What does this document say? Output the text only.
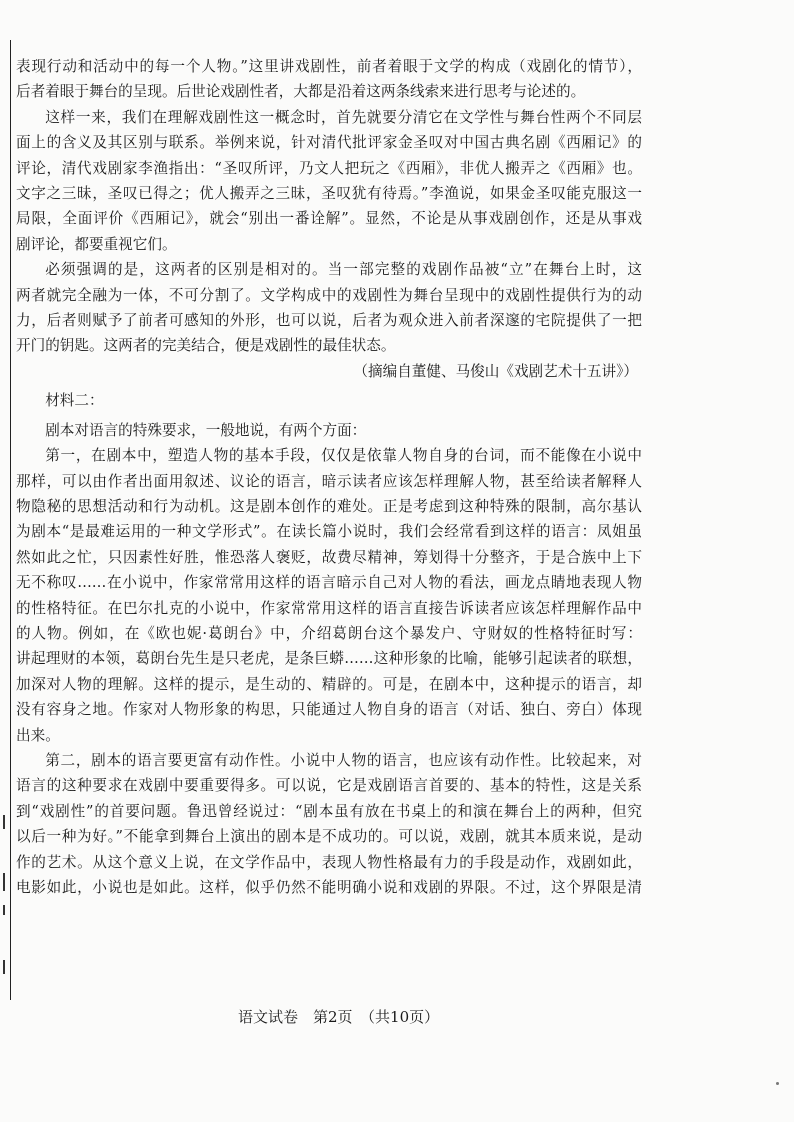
表现行动和活动中的每一个人物。”这里讲戏剧性，前者着眼于文学的构成（戏剧化的情节），

后者着眼于舞台的呈现。后世论戏剧性者，大都是沿着这两条线索来进行思考与论述的。

这样一来，我们在理解戏剧性这一概念时，首先就要分清它在文学性与舞台性两个不同层

面上的含义及其区别与联系。举例来说，针对清代批评家金圣叹对中国古典名剧《西厢记》的

评论，清代戏剧家李渔指出：“圣叹所评，乃文人把玩之《西厢》，非优人搬弄之《西厢》也。

文字之三昧，圣叹已得之；优人搬弄之三昧，圣叹犹有待焉。”李渔说，如果金圣叹能克服这一

局限，全面评价《西厢记》，就会“别出一番诠解”。显然，不论是从事戏剧创作，还是从事戏

剧评论，都要重视它们。

必须强调的是，这两者的区别是相对的。当一部完整的戏剧作品被“立”在舞台上时，这

两者就完全融为一体，不可分割了。文学构成中的戏剧性为舞台呈现中的戏剧性提供行为的动

力，后者则赋予了前者可感知的外形，也可以说，后者为观众进入前者深邃的宅院提供了一把

开门的钥匙。这两者的完美结合，便是戏剧性的最佳状态。

（摘编自董健、马俊山《戏剧艺术十五讲》）

材料二：

剧本对语言的特殊要求，一般地说，有两个方面：

第一，在剧本中，塑造人物的基本手段，仅仅是依靠人物自身的台词，而不能像在小说中

那样，可以由作者出面用叙述、议论的语言，暗示读者应该怎样理解人物，甚至给读者解释人

物隐秘的思想活动和行为动机。这是剧本创作的难处。正是考虑到这种特殊的限制，高尔基认

为剧本“是最难运用的一种文学形式”。在读长篇小说时，我们会经常看到这样的语言：凤姐虽

然如此之忙，只因素性好胜，惟恐落人褒贬，故费尽精神，筹划得十分整齐，于是合族中上下

无不称叹……在小说中，作家常常用这样的语言暗示自己对人物的看法，画龙点睛地表现人物

的性格特征。在巴尔扎克的小说中，作家常常用这样的语言直接告诉读者应该怎样理解作品中

的人物。例如，在《欧也妮·葛朗台》中，介绍葛朗台这个暴发户、守财奴的性格特征时写：

讲起理财的本领，葛朗台先生是只老虎，是条巨蟒……这种形象的比喻，能够引起读者的联想，

加深对人物的理解。这样的提示，是生动的、精辟的。可是，在剧本中，这种提示的语言，却

没有容身之地。作家对人物形象的构思，只能通过人物自身的语言（对话、独白、旁白）体现

出来。

第二，剧本的语言要更富有动作性。小说中人物的语言，也应该有动作性。比较起来，对

语言的这种要求在戏剧中要重要得多。可以说，它是戏剧语言首要的、基本的特性，这是关系

到“戏剧性”的首要问题。鲁迅曾经说过：“剧本虽有放在书桌上的和演在舞台上的两种，但究

以后一种为好。”不能拿到舞台上演出的剧本是不成功的。可以说，戏剧，就其本质来说，是动

作的艺术。从这个意义上说，在文学作品中，表现人物性格最有力的手段是动作，戏剧如此，

电影如此，小说也是如此。这样，似乎仍然不能明确小说和戏剧的界限。不过，这个界限是清

语文试卷　第2页　（共10页）
